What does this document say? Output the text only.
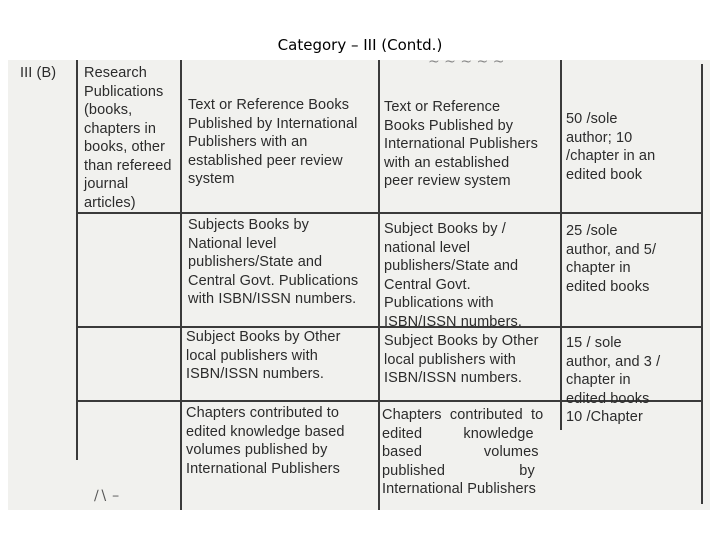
Category – III (Contd.)
III (B) Research
Publications
(books,
chapters in
books, other
than refereed
journal
articles)
Text or Reference Books
Published by International
Publishers with an
established peer review
system
Text or Reference
Books Published by
International Publishers
with an established
peer review system
50 /sole
author; 10
/chapter in an
edited book
Subjects Books by
National level
publishers/State and
Central Govt. Publications
with ISBN/ISSN numbers.
Subject Books by /
national level
publishers/State and
Central Govt.
Publications with
ISBN/ISSN numbers.
25 /sole
author, and 5/
chapter in
edited books
Subject Books by Other
local publishers with
ISBN/ISSN numbers.
Subject Books by Other
local publishers with
ISBN/ISSN numbers.
15 / sole
author, and 3 /
chapter in
edited books
Chapters contributed to
edited knowledge based
volumes published by
International Publishers
Chapters  contributed  to
edited          knowledge
based               volumes
published                  by
International Publishers
10 /Chapter
∕∖ –
~ ~ ~ ~ ~
